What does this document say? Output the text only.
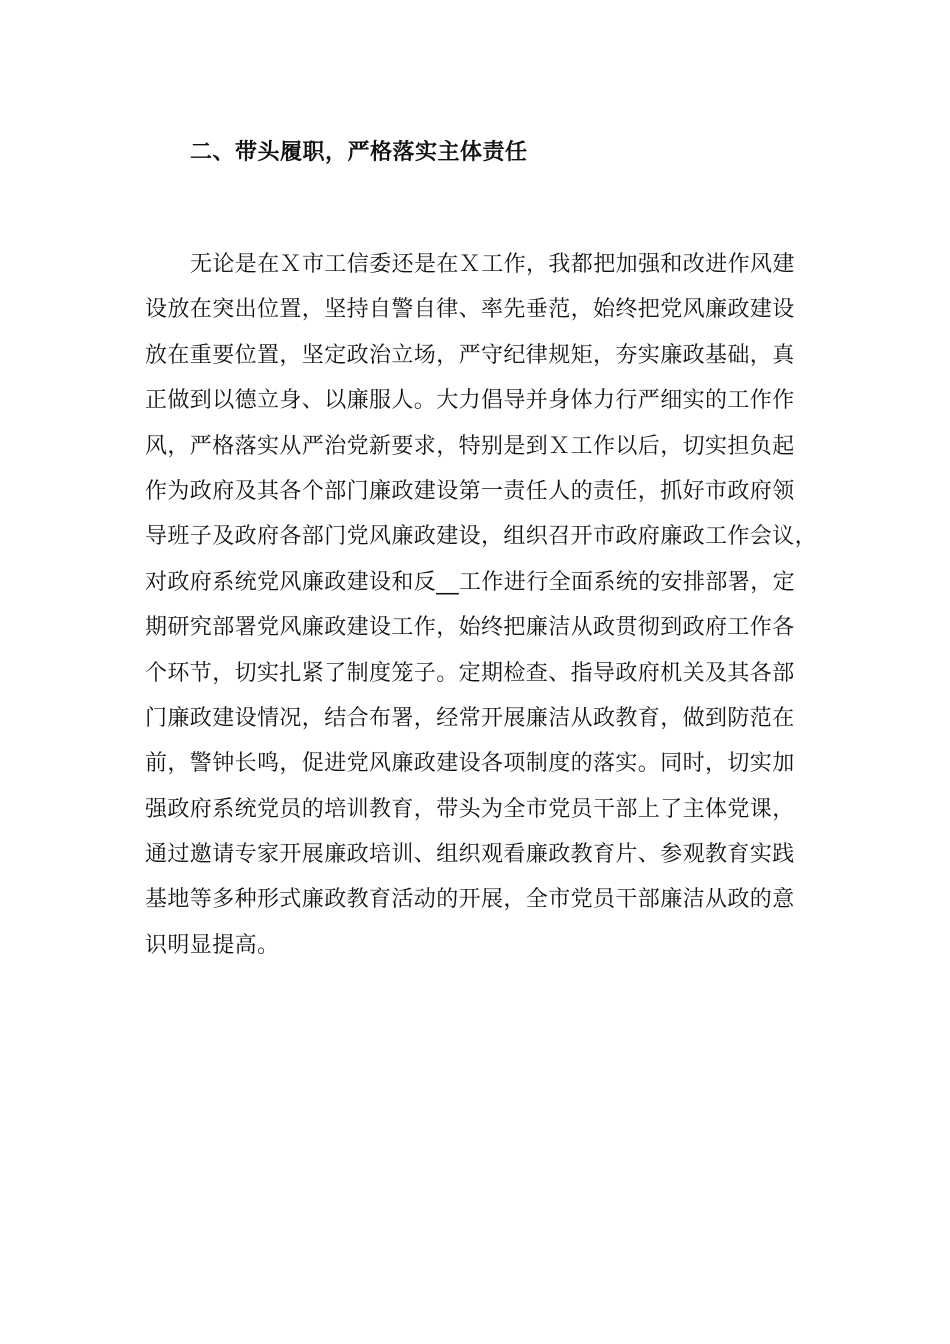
二、带头履职，严格落实主体责任
无论是在Ｘ市工信委还是在Ｘ工作，我都把加强和改进作风建
设放在突出位置，坚持自警自律、率先垂范，始终把党风廉政建设
放在重要位置，坚定政治立场，严守纪律规矩，夯实廉政基础，真
正做到以德立身、以廉服人。大力倡导并身体力行严细实的工作作
风，严格落实从严治党新要求，特别是到Ｘ工作以后，切实担负起
作为政府及其各个部门廉政建设第一责任人的责任，抓好市政府领
导班子及政府各部门党风廉政建设，组织召开市政府廉政工作会议，
对政府系统党风廉政建设和反__工作进行全面系统的安排部署，定
期研究部署党风廉政建设工作，始终把廉洁从政贯彻到政府工作各
个环节，切实扎紧了制度笼子。定期检查、指导政府机关及其各部
门廉政建设情况，结合布署，经常开展廉洁从政教育，做到防范在
前，警钟长鸣，促进党风廉政建设各项制度的落实。同时，切实加
强政府系统党员的培训教育，带头为全市党员干部上了主体党课，
通过邀请专家开展廉政培训、组织观看廉政教育片、参观教育实践
基地等多种形式廉政教育活动的开展，全市党员干部廉洁从政的意
识明显提高。
